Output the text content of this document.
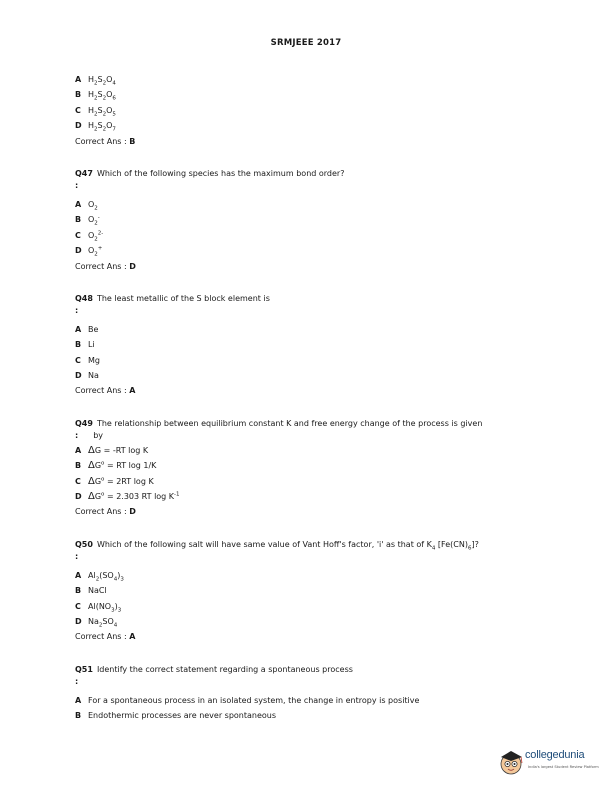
SRMJEEE 2017
A $H_2S_2O_4$
B $H_2S_2O_6$
C $H_2S_2O_5$
D $H_2S_2O_7$
Correct Ans : B
Q47 Which of the following species has the maximum bond order?
:
A $O_2$
B $O_2^-$
C $O_2^{2-}$
D $O_2^+$
Correct Ans : D
Q48 The least metallic of the S block element is
:
A Be
B Li
C Mg
D Na
Correct Ans : A
Q49 The relationship between equilibrium constant K and free energy change of the process is given
: by
A ΔG = -RT log K
B $\Delta G^o$ = RT log 1/K
C $\Delta G^o = 2RT$ log K
D $\Delta G^o = 2.303$ RT $\log K^{-1}$
Correct Ans : D
Q50 Which of the following salt will have same value of Vant Hoff's factor, 'i' as that of $K_4$ $[Fe(CN)_6]$?
:
A $Al_2(SO_4)_3$
B NaCl
C $Al(NO_3)_3$
D $Na_2SO_4$
Correct Ans : A
Q51 Identify the correct statement regarding a spontaneous process
:
A For a spontaneous process in an isolated system, the change in entropy is positive
B Endothermic processes are never spontaneous
collegedunia
India's largest Student Review Platform
